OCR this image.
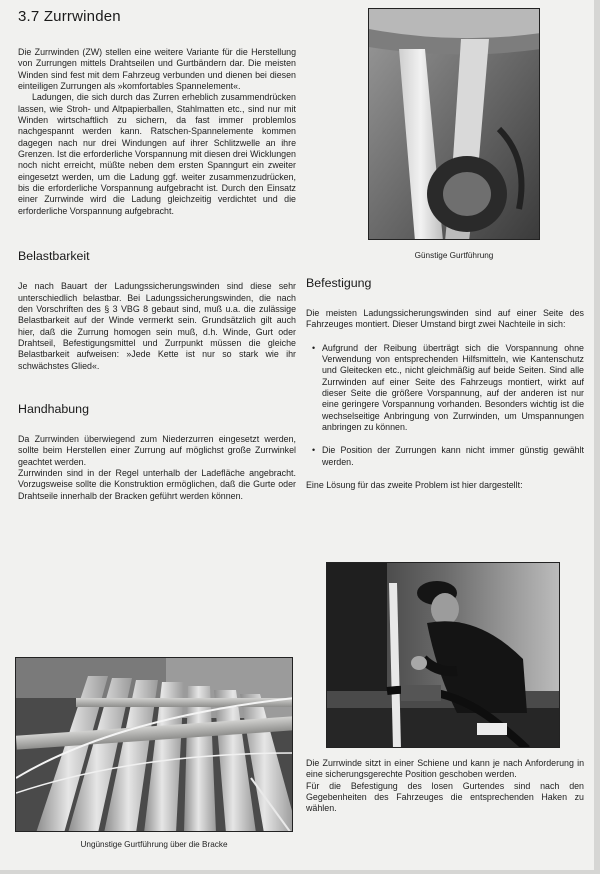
3.7 Zurrwinden

Die Zurrwinden (ZW) stellen eine weitere Variante für die Herstellung von Zurrungen mittels Drahtseilen und Gurtbändern dar. Die meisten Winden sind fest mit dem Fahrzeug verbunden und dienen bei diesen einteiligen Zurrungen als »komfortables Spannelement«.

Ladungen, die sich durch das Zurren erheblich zusammendrücken lassen, wie Stroh- und Altpapierballen, Stahlmatten etc., sind nur mit Winden wirtschaftlich zu sichern, da fast immer problemlos nachgespannt werden kann. Ratschen-Spannelemente kommen dagegen nach nur drei Windungen auf ihrer Schlitzwelle an ihre Grenzen. Ist die erforderliche Vorspannung mit diesen drei Wicklungen noch nicht erreicht, müßte neben dem ersten Spanngurt ein zweiter eingesetzt werden, um die Ladung ggf. weiter zusammenzudrücken, bis die erforderliche Vorspannung aufgebracht ist. Durch den Einsatz einer Zurrwinde wird die Ladung gleichzeitig verdichtet und die erforderliche Vorspannung aufgebracht.

Belastbarkeit

Je nach Bauart der Ladungssicherungswinden sind diese sehr unterschiedlich belastbar. Bei Ladungssicherungswinden, die nach den Vorschriften des § 3 VBG 8 gebaut sind, muß u.a. die zulässige Belastbarkeit auf der Winde vermerkt sein. Grundsätzlich gilt auch hier, daß die Zurrung homogen sein muß, d.h. Winde, Gurt oder Drahtseil, Befestigungsmittel und Zurrpunkt müssen die gleiche Belastbarkeit aufweisen: »Jede Kette ist nur so stark wie ihr schwächstes Glied«.

Handhabung

Da Zurrwinden überwiegend zum Niederzurren eingesetzt werden, sollte beim Herstellen einer Zurrung auf möglichst große Zurrwinkel geachtet werden.

Zurrwinden sind in der Regel unterhalb der Ladefläche angebracht. Vorzugsweise sollte die Konstruktion ermöglichen, daß die Gurte oder Drahtseile innerhalb der Bracken geführt werden können.

Ungünstige Gurtführung über die Bracke
Günstige Gurtführung
Befestigung

Die meisten Ladungssicherungswinden sind auf einer Seite des Fahrzeuges montiert. Dieser Umstand birgt zwei Nachteile in sich:

• Aufgrund der Reibung überträgt sich die Vorspannung ohne Verwendung von entsprechenden Hilfsmitteln, wie Kantenschutz und Gleitecken etc., nicht gleichmäßig auf beide Seiten. Sind alle Zurrwinden auf einer Seite des Fahrzeugs montiert, wirkt auf dieser Seite die größere Vorspannung, auf der anderen ist nur eine geringere Vorspannung vorhanden. Besonders wichtig ist die wechselseitige Anbringung von Zurrwinden, um Umspannungen anbringen zu können.
• Die Position der Zurrungen kann nicht immer günstig gewählt werden.

Eine Lösung für das zweite Problem ist hier dargestellt:

Die Zurrwinde sitzt in einer Schiene und kann je nach Anforderung in eine sicherungsgerechte Position geschoben werden.

Für die Befestigung des losen Gurtendes sind nach den Gegebenheiten des Fahrzeuges die entsprechenden Haken zu wählen.
